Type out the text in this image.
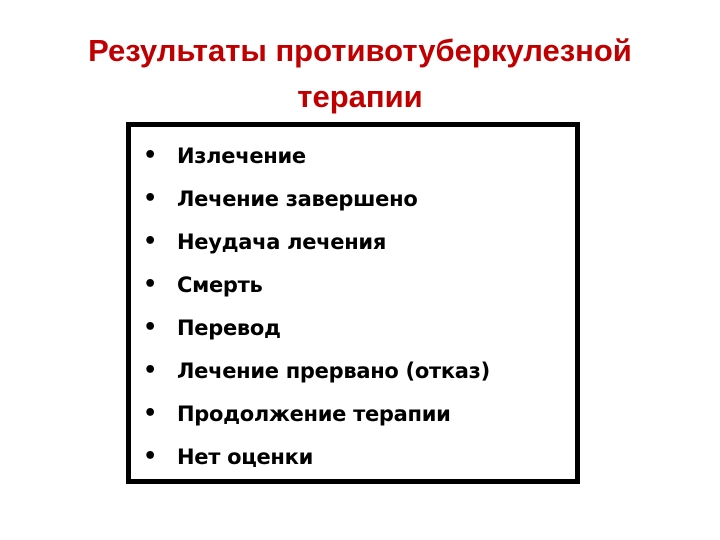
Результаты противотуберкулезной
терапии
• Излечение
• Лечение завершено
• Неудача лечения
• Смерть
• Перевод
• Лечение прервано (отказ)
• Продолжение терапии
• Нет оценки
